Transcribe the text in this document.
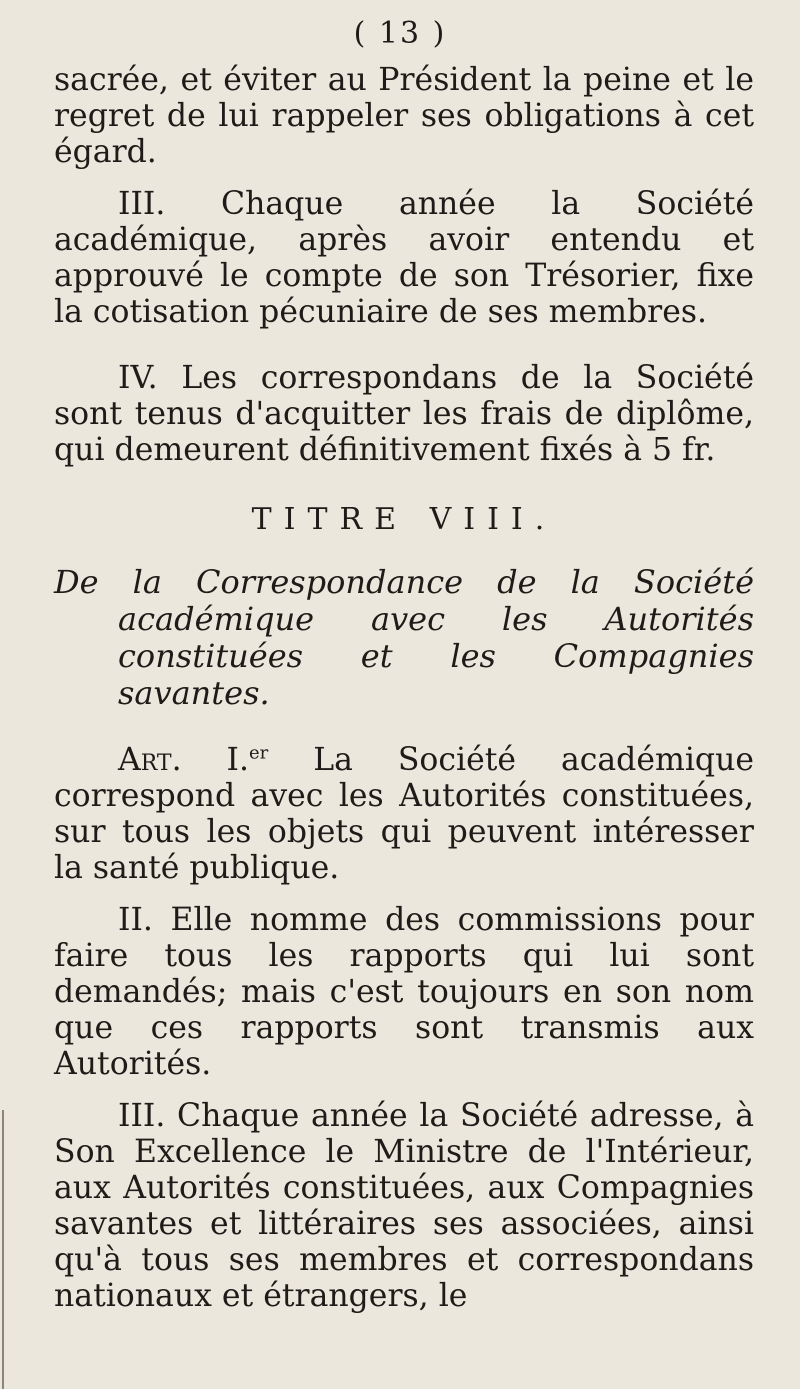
( 13 )

sacrée, et éviter au Président la peine et le regret de lui rappeler ses obligations à cet égard.

III. Chaque année la Société académique, après avoir entendu et approuvé le compte de son Trésorier, fixe la cotisation pécuniaire de ses membres.

IV. Les correspondans de la Société sont tenus d'acquitter les frais de diplôme, qui demeurent définitivement fixés à 5 fr.

TITRE VIII.

De la Correspondance de la Société académique avec les Autorités constituées et les Compagnies savantes.

Art. I.$^{er}$ La Société académique correspond avec les Autorités constituées, sur tous les objets qui peuvent intéresser la santé publique.

II. Elle nomme des commissions pour faire tous les rapports qui lui sont demandés; mais c'est toujours en son nom que ces rapports sont transmis aux Autorités.

III. Chaque année la Société adresse, à Son Excellence le Ministre de l'Intérieur, aux Autorités constituées, aux Compagnies savantes et littéraires ses associées, ainsi qu'à tous ses membres et correspondans nationaux et étrangers, le
